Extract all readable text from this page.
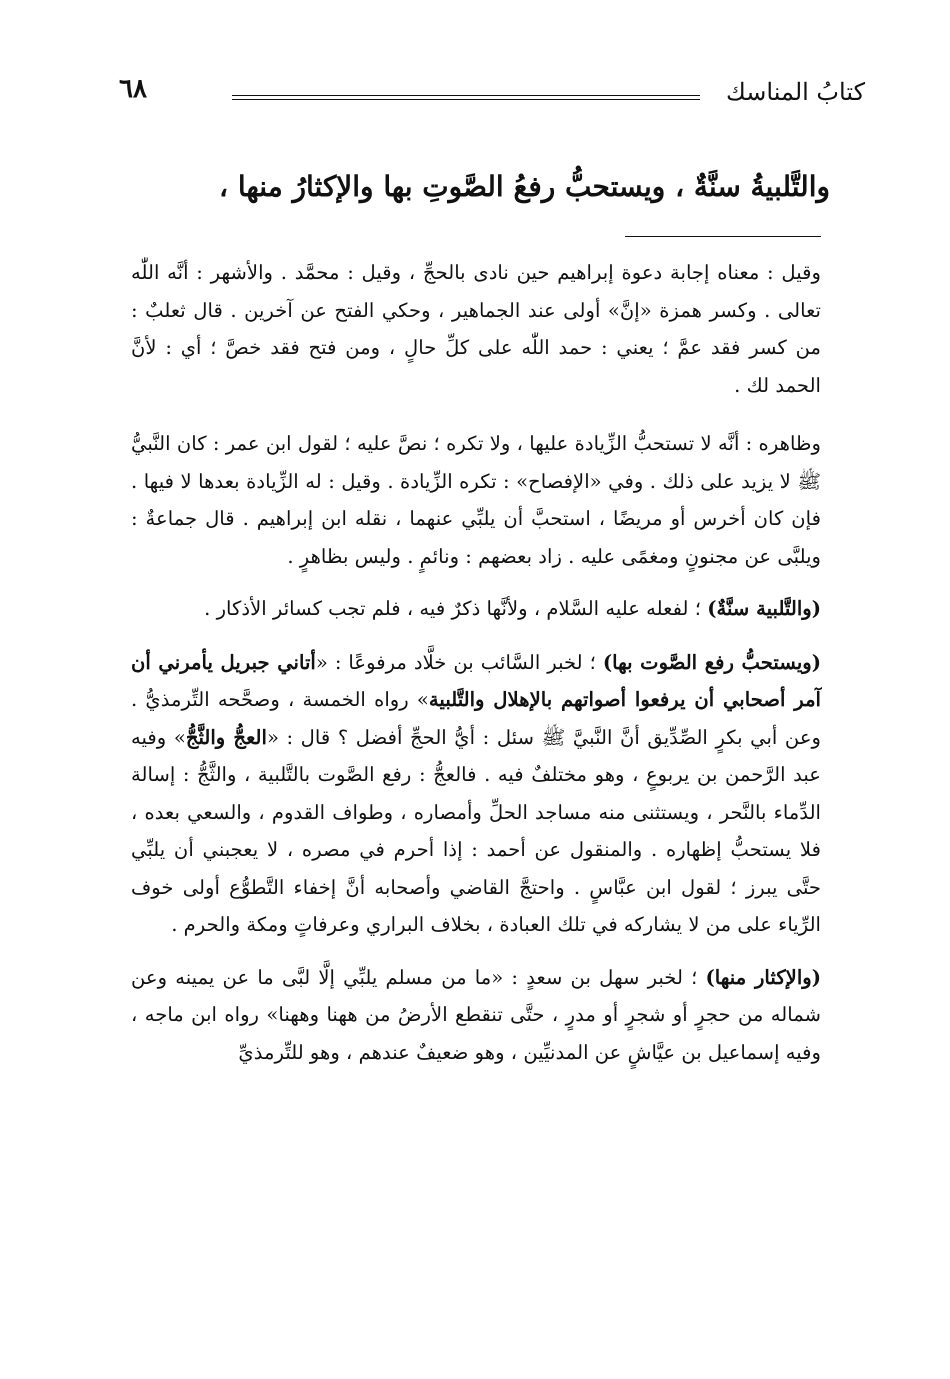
٦٨	كتابُ المناسك
والتَّلبيةُ سنَّةٌ ، ويستحبُّ رفعُ الصَّوتِ بها والإكثارُ منها ،

وقيل : معناه إجابة دعوة إبراهيم حين نادى بالحجِّ ، وقيل : محمَّد . والأشهر : أنَّه اللّٰه تعالى . وكسر همزة «إنَّ» أولى عند الجماهير ، وحكي الفتح عن آخرين . قال ثعلبٌ : من كسر فقد عمَّ ؛ يعني : حمد اللّٰه على كلِّ حالٍ ، ومن فتح فقد خصَّ ؛ أي : لأنَّ الحمد لك .

وظاهره : أنَّه لا تستحبُّ الزِّيادة عليها ، ولا تكره ؛ نصَّ عليه ؛ لقول ابن عمر : كان النَّبيُّ ﷺ لا يزيد على ذلك . وفي «الإفصاح» : تكره الزِّيادة . وقيل : له الزِّيادة بعدها لا فيها . فإن كان أخرس أو مريضًا ، استحبَّ أن يلبِّي عنهما ، نقله ابن إبراهيم . قال جماعةٌ : ويلبَّى عن مجنونٍ ومغمًى عليه . زاد بعضهم : ونائمٍ . وليس بظاهرٍ .

(والتَّلبية سنَّةٌ) ؛ لفعله عليه السَّلام ، ولأنَّها ذكرٌ فيه ، فلم تجب كسائر الأذكار .

(ويستحبُّ رفع الصَّوت بها) ؛ لخبر السَّائب بن خلَّاد مرفوعًا : «أتاني جبريل يأمرني أن آمر أصحابي أن يرفعوا أصواتهم بالإهلال والتَّلبية» رواه الخمسة ، وصحَّحه التِّرمذيُّ . وعن أبي بكرٍ الصِّدِّيق أنَّ النَّبيَّ ﷺ سئل : أيُّ الحجِّ أفضل ؟ قال : «العجُّ والثَّجُّ» وفيه عبد الرَّحمن بن يربوعٍ ، وهو مختلفٌ فيه . فالعجُّ : رفع الصَّوت بالتَّلبية ، والثَّجُّ : إسالة الدِّماء بالنَّحر ، ويستثنى منه مساجد الحلِّ وأمصاره ، وطواف القدوم ، والسعي بعده ، فلا يستحبُّ إظهاره . والمنقول عن أحمد : إذا أحرم في مصره ، لا يعجبني أن يلبِّي حتَّى يبرز ؛ لقول ابن عبَّاسٍ . واحتجَّ القاضي وأصحابه أنَّ إخفاء التَّطوُّع أولى خوف الرِّياء على من لا يشاركه في تلك العبادة ، بخلاف البراري وعرفاتٍ ومكة والحرم .

(والإكثار منها) ؛ لخبر سهل بن سعدٍ : «ما من مسلم يلبِّي إلَّا لبَّى ما عن يمينه وعن شماله من حجرٍ أو شجرٍ أو مدرٍ ، حتَّى تنقطع الأرضُ من ههنا وههنا» رواه ابن ماجه ، وفيه إسماعيل بن عيَّاشٍ عن المدنيِّين ، وهو ضعيفٌ عندهم ، وهو للتِّرمذيِّ
